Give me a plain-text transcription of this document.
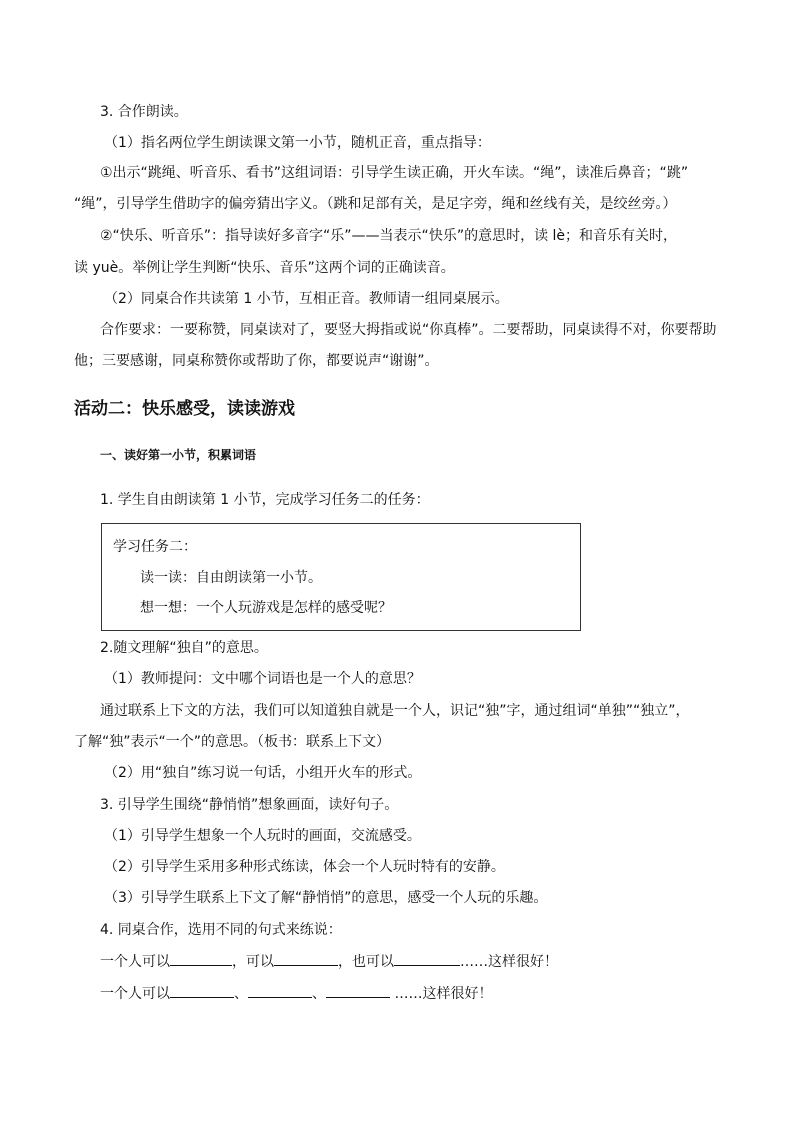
3. 合作朗读。
（1）指名两位学生朗读课文第一小节，随机正音，重点指导：
①出示“跳绳、听音乐、看书”这组词语：引导学生读正确，开火车读。“绳”，读准后鼻音；“跳”
“绳”，引导学生借助字的偏旁猜出字义。（跳和足部有关，是足字旁，绳和丝线有关，是绞丝旁。）
②“快乐、听音乐”：指导读好多音字“乐”——当表示“快乐”的意思时，读 lè；和音乐有关时，
读 yuè。举例让学生判断“快乐、音乐”这两个词的正确读音。
（2）同桌合作共读第 1 小节，互相正音。教师请一组同桌展示。
合作要求：一要称赞，同桌读对了，要竖大拇指或说“你真棒”。二要帮助，同桌读得不对，你要帮助
他；三要感谢，同桌称赞你或帮助了你，都要说声“谢谢”。
活动二：快乐感受，读读游戏
一、读好第一小节，积累词语
1. 学生自由朗读第 1 小节，完成学习任务二的任务：
学习任务二：
读一读：自由朗读第一小节。
想一想：一个人玩游戏是怎样的感受呢？
2.随文理解“独自”的意思。
（1）教师提问：文中哪个词语也是一个人的意思？
通过联系上下文的方法，我们可以知道独自就是一个人，识记“独”字，通过组词“单独”“独立”，
了解“独”表示“一个”的意思。（板书：联系上下文）
（2）用“独自”练习说一句话，小组开火车的形式。
3. 引导学生围绕“静悄悄”想象画面，读好句子。
（1）引导学生想象一个人玩时的画面，交流感受。
（2）引导学生采用多种形式练读，体会一个人玩时特有的安静。
（3）引导学生联系上下文了解“静悄悄”的意思，感受一个人玩的乐趣。
4. 同桌合作，选用不同的句式来练说：
一个人可以	，可以	，也可以	……这样很好！
一个人可以	、	、	……这样很好！
